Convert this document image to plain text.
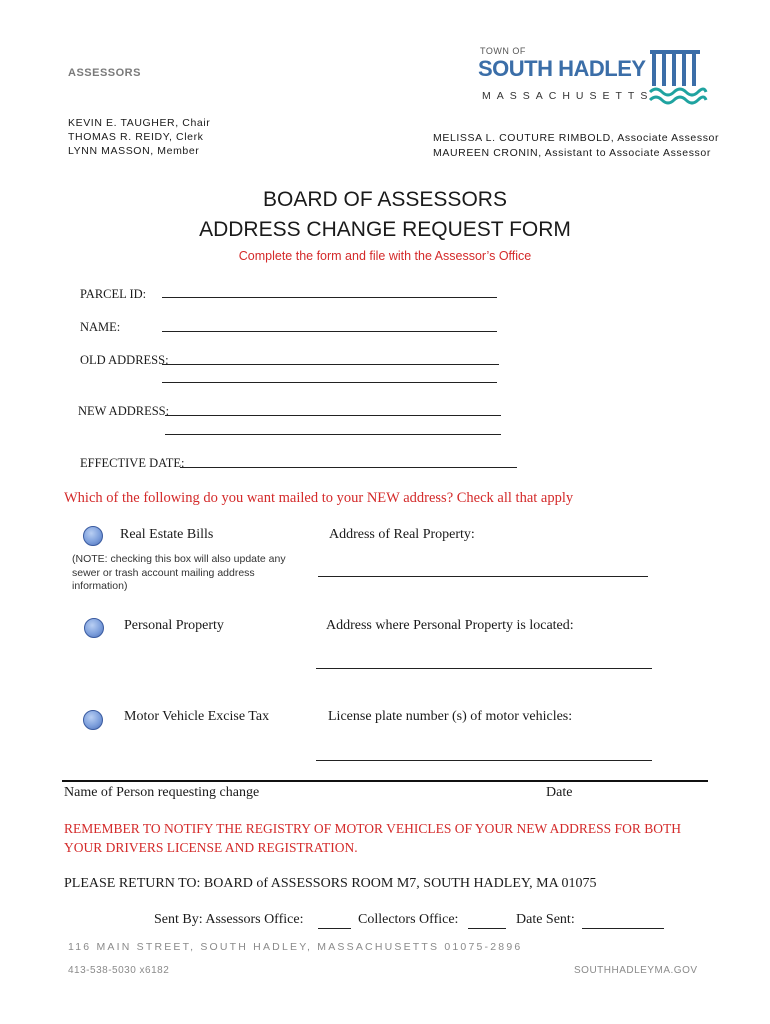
ASSESSORS
TOWN OF
SOUTH HADLEY
MASSACHUSETTS
KEVIN E. TAUGHER, Chair
THOMAS R. REIDY, Clerk
LYNN MASSON, Member
MELISSA L. COUTURE RIMBOLD, Associate Assessor
MAUREEN CRONIN, Assistant to Associate Assessor
BOARD OF ASSESSORS
ADDRESS CHANGE REQUEST FORM
Complete the form and file with the Assessor’s Office
PARCEL ID:
NAME:
OLD ADDRESS:
NEW ADDRESS:
EFFECTIVE DATE:
Which of the following do you want mailed to your NEW address? Check all that apply
Real Estate Bills	Address of Real Property:
(NOTE: checking this box will also update any
sewer or trash account mailing address
information)
Personal Property	Address where Personal Property is located:
Motor Vehicle Excise Tax	License plate number (s) of motor vehicles:
Name of Person requesting change	Date
REMEMBER TO NOTIFY THE REGISTRY OF MOTOR VEHICLES OF YOUR NEW ADDRESS FOR BOTH
YOUR DRIVERS LICENSE AND REGISTRATION.
PLEASE RETURN TO: BOARD of ASSESSORS ROOM M7, SOUTH HADLEY, MA 01075
Sent By: Assessors Office:	Collectors Office:	Date Sent:
116 MAIN STREET, SOUTH HADLEY, MASSACHUSETTS 01075-2896
413-538-5030 x6182	SOUTHHADLEYMA.GOV
